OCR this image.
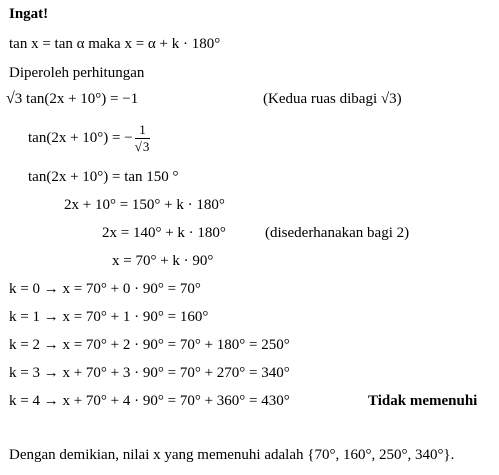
Ingat!
tan x = tan α maka x = α + k · 180°
Diperoleh perhitungan
√3 tan(2x + 10°) = −1	(Kedua ruas dibagi √3)
tan(2x + 10°) = − $\frac{1}{√3}$
tan(2x + 10°) = tan 150 °
2x + 10° = 150° + k · 180°
2x = 140° + k · 180°	(disederhanakan bagi 2)
x = 70° + k · 90°
k = 0 → x = 70° + 0 · 90° = 70°
k = 1 → x = 70° + 1 · 90° = 160°
k = 2 → x = 70° + 2 · 90° = 70° + 180° = 250°
k = 3 → x + 70° + 3 · 90° = 70° + 270° = 340°
k = 4 → x + 70° + 4 · 90° = 70° + 360° = 430°	Tidak memenuhi
Dengan demikian, nilai x yang memenuhi adalah {70°, 160°, 250°, 340°}.
